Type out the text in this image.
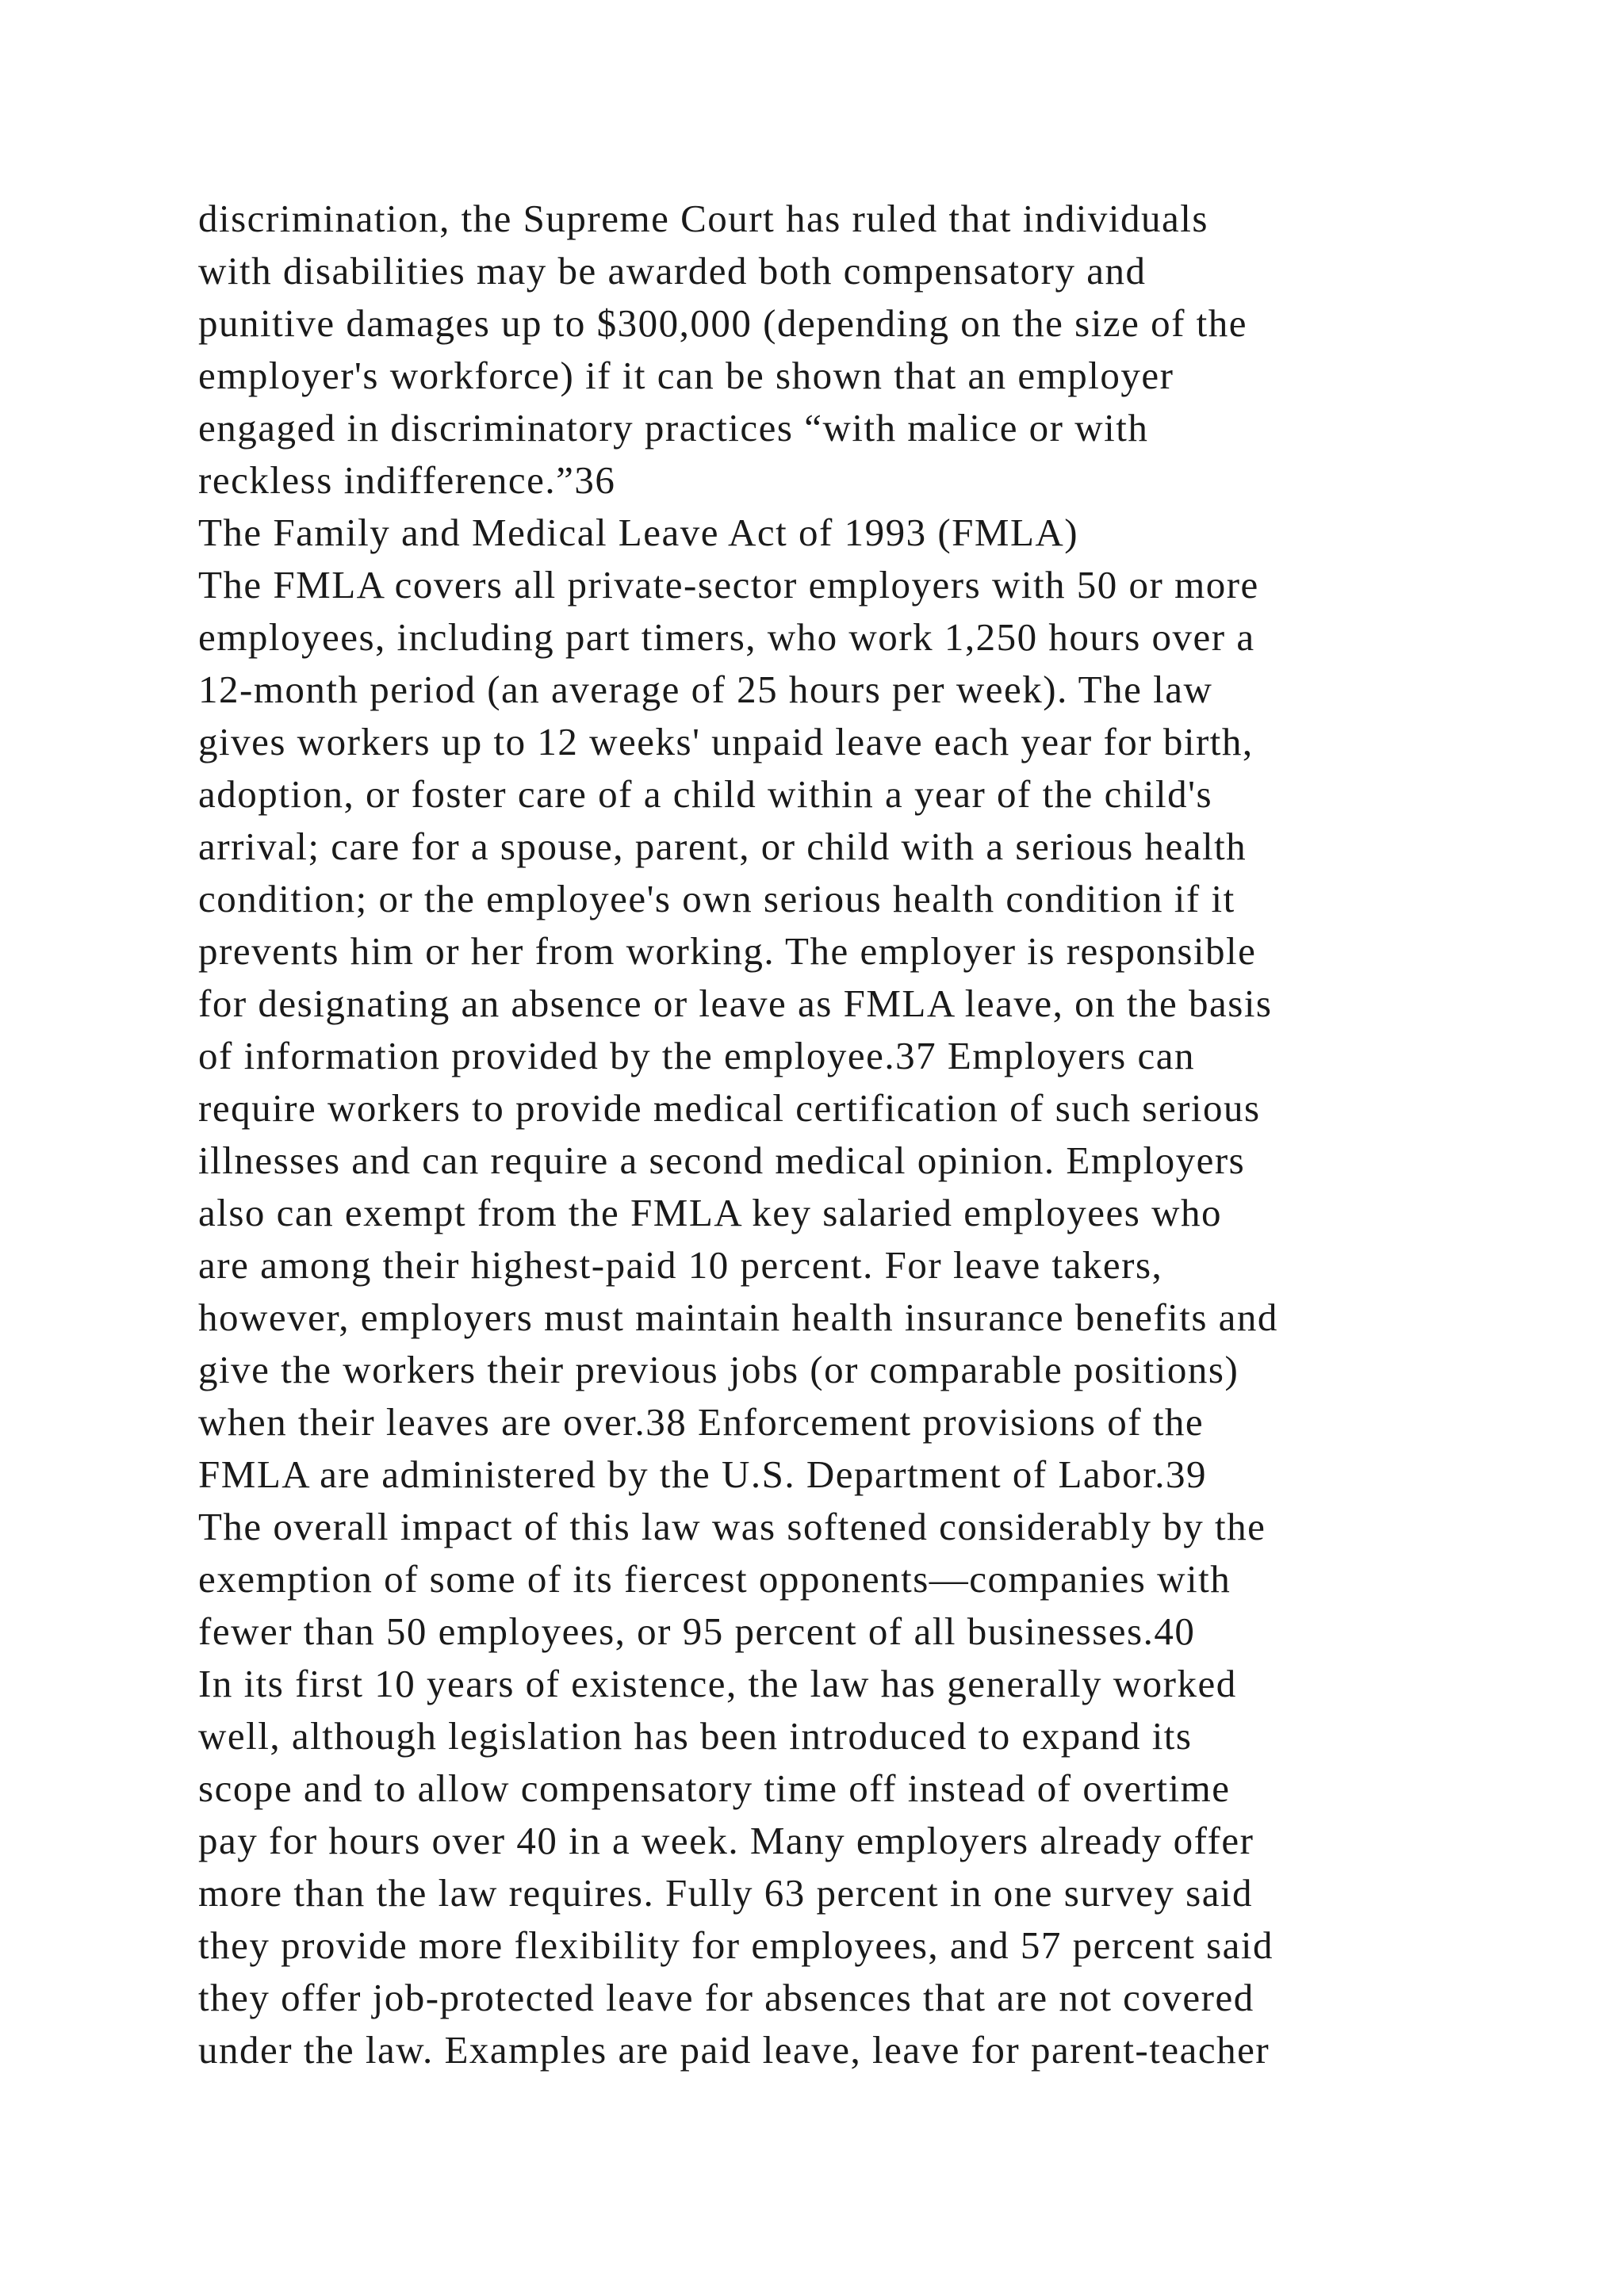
discrimination, the Supreme Court has ruled that individuals
with disabilities may be awarded both compensatory and
punitive damages up to $300,000 (depending on the size of the
employer's workforce) if it can be shown that an employer
engaged in discriminatory practices “with malice or with
reckless indifference.”36
The Family and Medical Leave Act of 1993 (FMLA)
The FMLA covers all private-sector employers with 50 or more
employees, including part timers, who work 1,250 hours over a
12-month period (an average of 25 hours per week). The law
gives workers up to 12 weeks' unpaid leave each year for birth,
adoption, or foster care of a child within a year of the child's
arrival; care for a spouse, parent, or child with a serious health
condition; or the employee's own serious health condition if it
prevents him or her from working. The employer is responsible
for designating an absence or leave as FMLA leave, on the basis
of information provided by the employee.37 Employers can
require workers to provide medical certification of such serious
illnesses and can require a second medical opinion. Employers
also can exempt from the FMLA key salaried employees who
are among their highest-paid 10 percent. For leave takers,
however, employers must maintain health insurance benefits and
give the workers their previous jobs (or comparable positions)
when their leaves are over.38 Enforcement provisions of the
FMLA are administered by the U.S. Department of Labor.39
The overall impact of this law was softened considerably by the
exemption of some of its fiercest opponents—companies with
fewer than 50 employees, or 95 percent of all businesses.40
In its first 10 years of existence, the law has generally worked
well, although legislation has been introduced to expand its
scope and to allow compensatory time off instead of overtime
pay for hours over 40 in a week. Many employers already offer
more than the law requires. Fully 63 percent in one survey said
they provide more flexibility for employees, and 57 percent said
they offer job-protected leave for absences that are not covered
under the law. Examples are paid leave, leave for parent-teacher
